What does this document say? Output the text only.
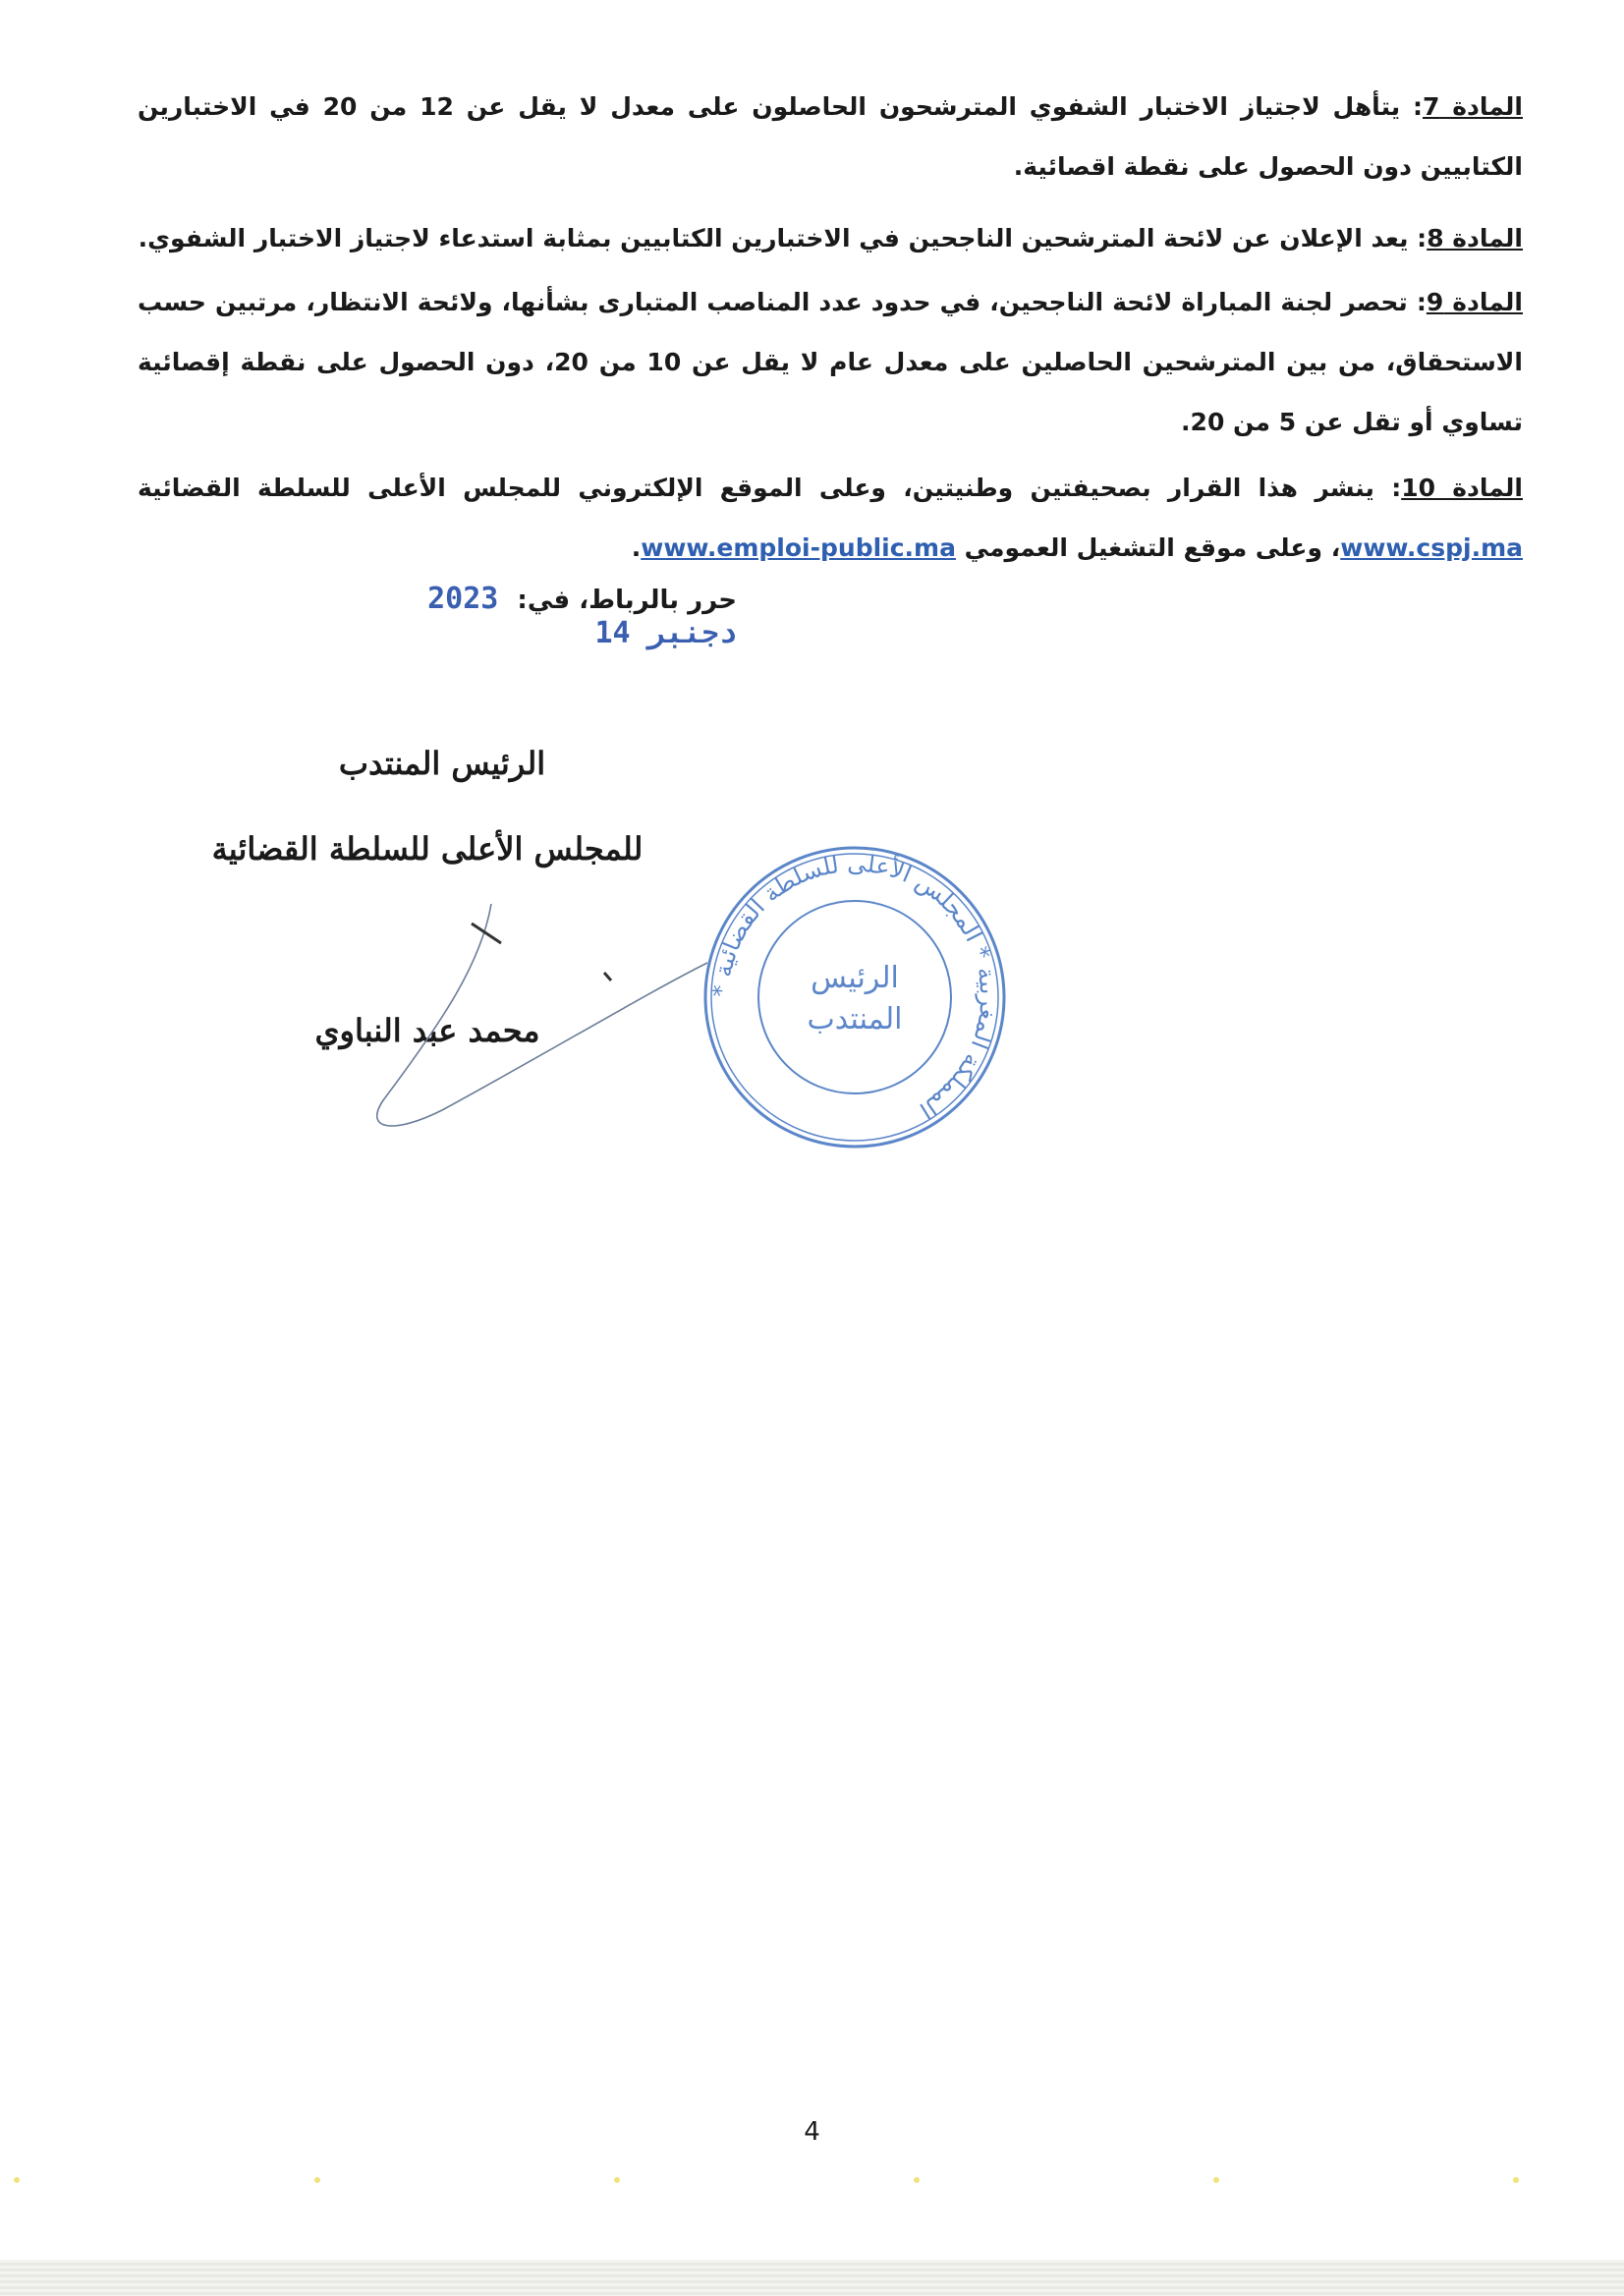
المادة 7: يتأهل لاجتياز الاختبار الشفوي المترشحون الحاصلون على معدل لا يقل عن 12 من 20 في الاختبارين الكتابيين دون الحصول على نقطة اقصائية.

المادة 8: يعد الإعلان عن لائحة المترشحين الناجحين في الاختبارين الكتابيين بمثابة استدعاء لاجتياز الاختبار الشفوي.

المادة 9: تحصر لجنة المباراة لائحة الناجحين، في حدود عدد المناصب المتبارى بشأنها، ولائحة الانتظار، مرتبين حسب الاستحقاق، من بين المترشحين الحاصلين على معدل عام لا يقل عن 10 من 20، دون الحصول على نقطة إقصائية تساوي أو تقل عن 5 من 20.

المادة 10: ينشر هذا القرار بصحيفتين وطنيتين، وعلى الموقع الإلكتروني للمجلس الأعلى للسلطة القضائية www.cspj.ma، وعلى موقع التشغيل العمومي www.emploi-public.ma.

حرر بالرباط، في: 2023 دجنبر 14
الرئيس المنتدب
للمجلس الأعلى للسلطة القضائية
محمد عبد النباوي
* المملكة المغربية * المجلس الأعلى للسلطة القضائية
الرئيس
المنتدب
4
